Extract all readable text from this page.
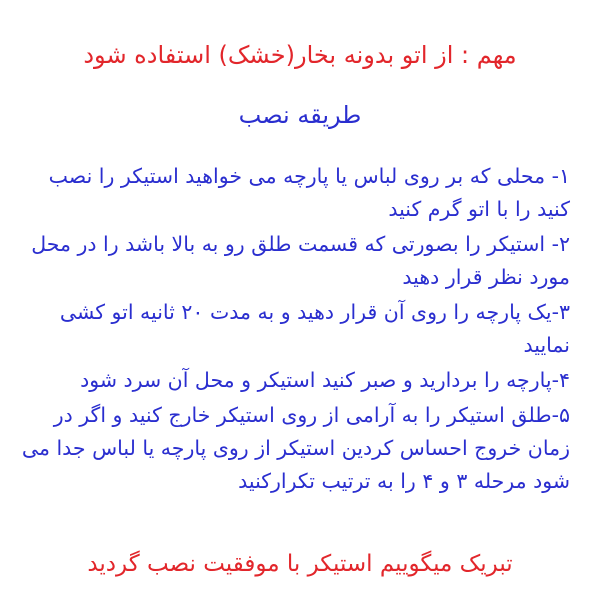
مهم : از اتو بدونه بخار(خشک) استفاده شود

طریقه نصب

۱- محلی که بر روی لباس یا پارچه می خواهید استیکر را نصب کنید را با اتو گرم کنید
۲- استیکر را بصورتی که قسمت طلق رو به بالا باشد را در محل مورد نظر قرار دهید
۳-یک پارچه را روی آن قرار دهید و به مدت ۲۰ ثانیه اتو کشی نمایید
۴-پارچه را بردارید و صبر کنید استیکر و محل آن سرد شود
۵-طلق استیکر را به آرامی از روی استیکر خارج کنید و اگر در زمان خروج احساس کردین استیکر از روی پارچه یا لباس جدا می شود مرحله ۳ و ۴ را به ترتیب تکرارکنید

تبریک میگوییم استیکر با موفقیت نصب گردید
